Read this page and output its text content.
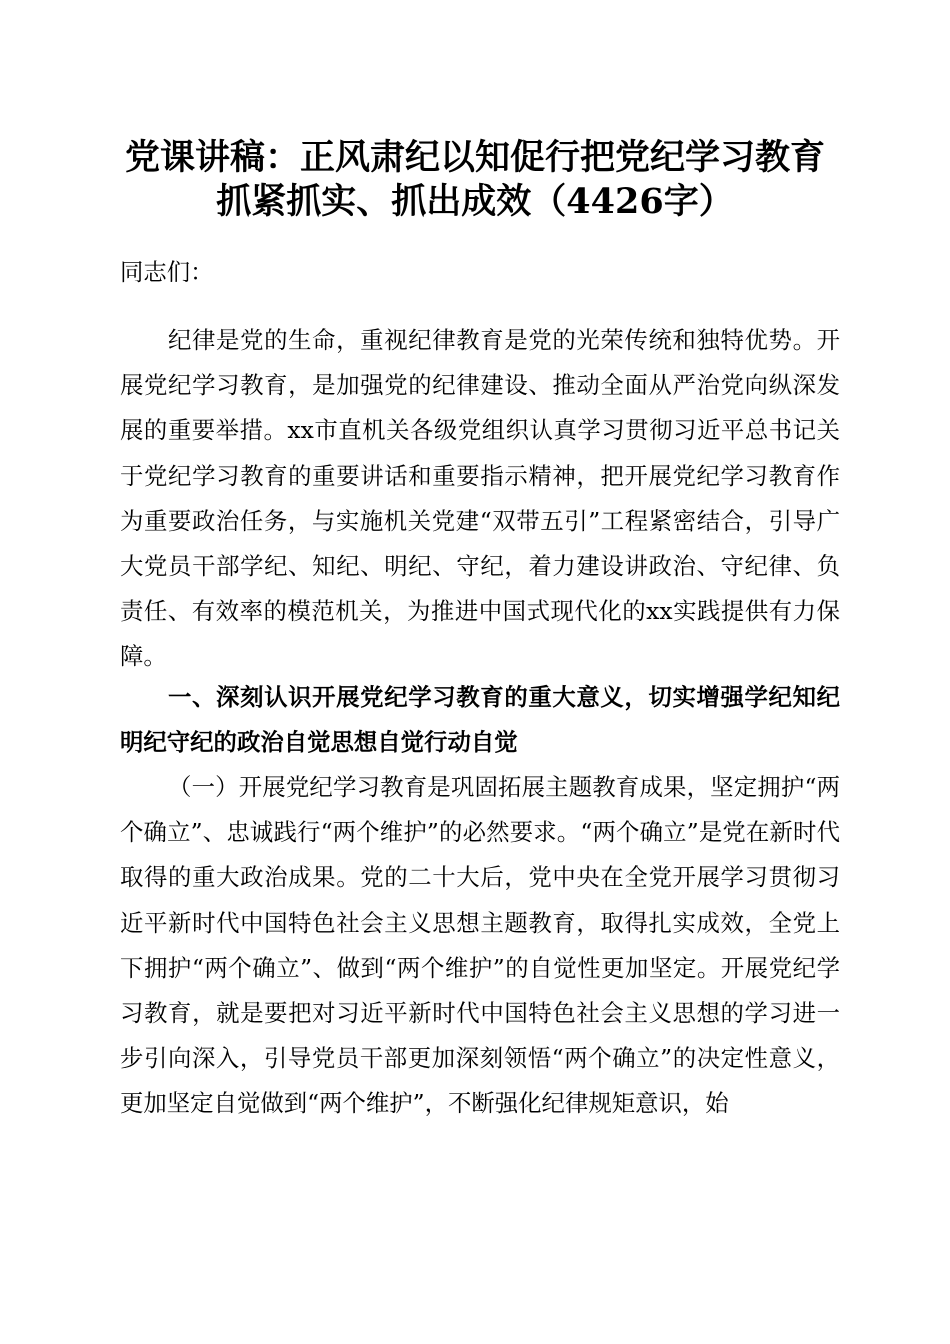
党课讲稿：正风肃纪以知促行把党纪学习教育
抓紧抓实、抓出成效（4426字）
同志们：
纪律是党的生命，重视纪律教育是党的光荣传统和独特优势。开展党纪学习教育，是加强党的纪律建设、推动全面从严治党向纵深发展的重要举措。xx市直机关各级党组织认真学习贯彻习近平总书记关于党纪学习教育的重要讲话和重要指示精神，把开展党纪学习教育作为重要政治任务，与实施机关党建“双带五引”工程紧密结合，引导广大党员干部学纪、知纪、明纪、守纪，着力建设讲政治、守纪律、负责任、有效率的模范机关，为推进中国式现代化的xx实践提供有力保障。
一、深刻认识开展党纪学习教育的重大意义，切实增强学纪知纪明纪守纪的政治自觉思想自觉行动自觉
（一）开展党纪学习教育是巩固拓展主题教育成果，坚定拥护“两个确立”、忠诚践行“两个维护”的必然要求。“两个确立”是党在新时代取得的重大政治成果。党的二十大后，党中央在全党开展学习贯彻习近平新时代中国特色社会主义思想主题教育，取得扎实成效，全党上下拥护“两个确立”、做到“两个维护”的自觉性更加坚定。开展党纪学习教育，就是要把对习近平新时代中国特色社会主义思想的学习进一步引向深入，引导党员干部更加深刻领悟“两个确立”的决定性意义，更加坚定自觉做到“两个维护”，不断强化纪律规矩意识，始
